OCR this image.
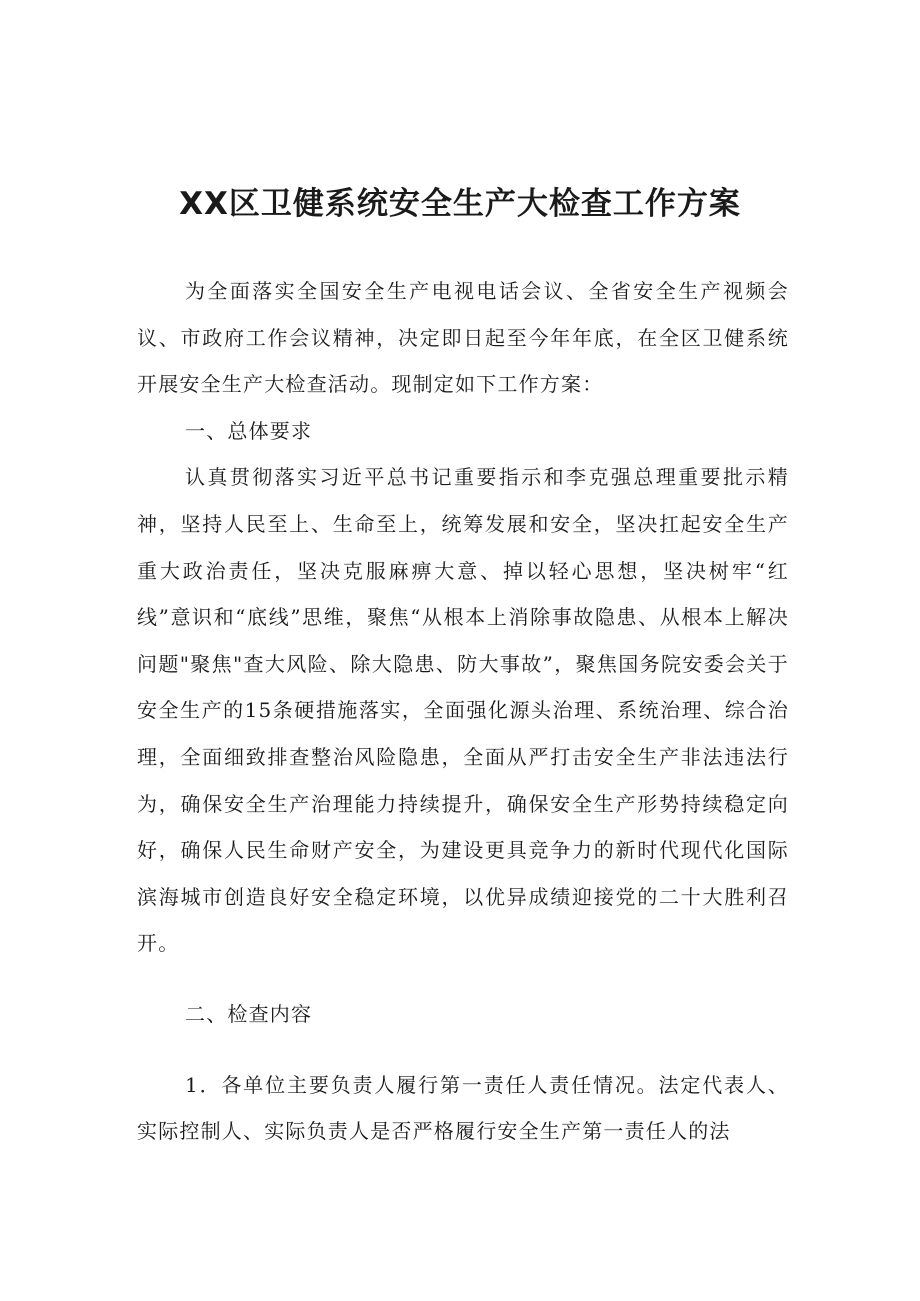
XX区卫健系统安全生产大检查工作方案

为全面落实全国安全生产电视电话会议、全省安全生产视频会议、市政府工作会议精神，决定即日起至今年年底，在全区卫健系统开展安全生产大检查活动。现制定如下工作方案：

一、总体要求

认真贯彻落实习近平总书记重要指示和李克强总理重要批示精神，坚持人民至上、生命至上，统筹发展和安全，坚决扛起安全生产重大政治责任，坚决克服麻痹大意、掉以轻心思想，坚决树牢“红线”意识和“底线”思维，聚焦“从根本上消除事故隐患、从根本上解决问题"聚焦"查大风险、除大隐患、防大事故”，聚焦国务院安委会关于安全生产的15条硬措施落实，全面强化源头治理、系统治理、综合治理，全面细致排查整治风险隐患，全面从严打击安全生产非法违法行为，确保安全生产治理能力持续提升，确保安全生产形势持续稳定向好，确保人民生命财产安全，为建设更具竞争力的新时代现代化国际滨海城市创造良好安全稳定环境，以优异成绩迎接党的二十大胜利召开。

二、检查内容

1．各单位主要负责人履行第一责任人责任情况。法定代表人、实际控制人、实际负责人是否严格履行安全生产第一责任人的法
